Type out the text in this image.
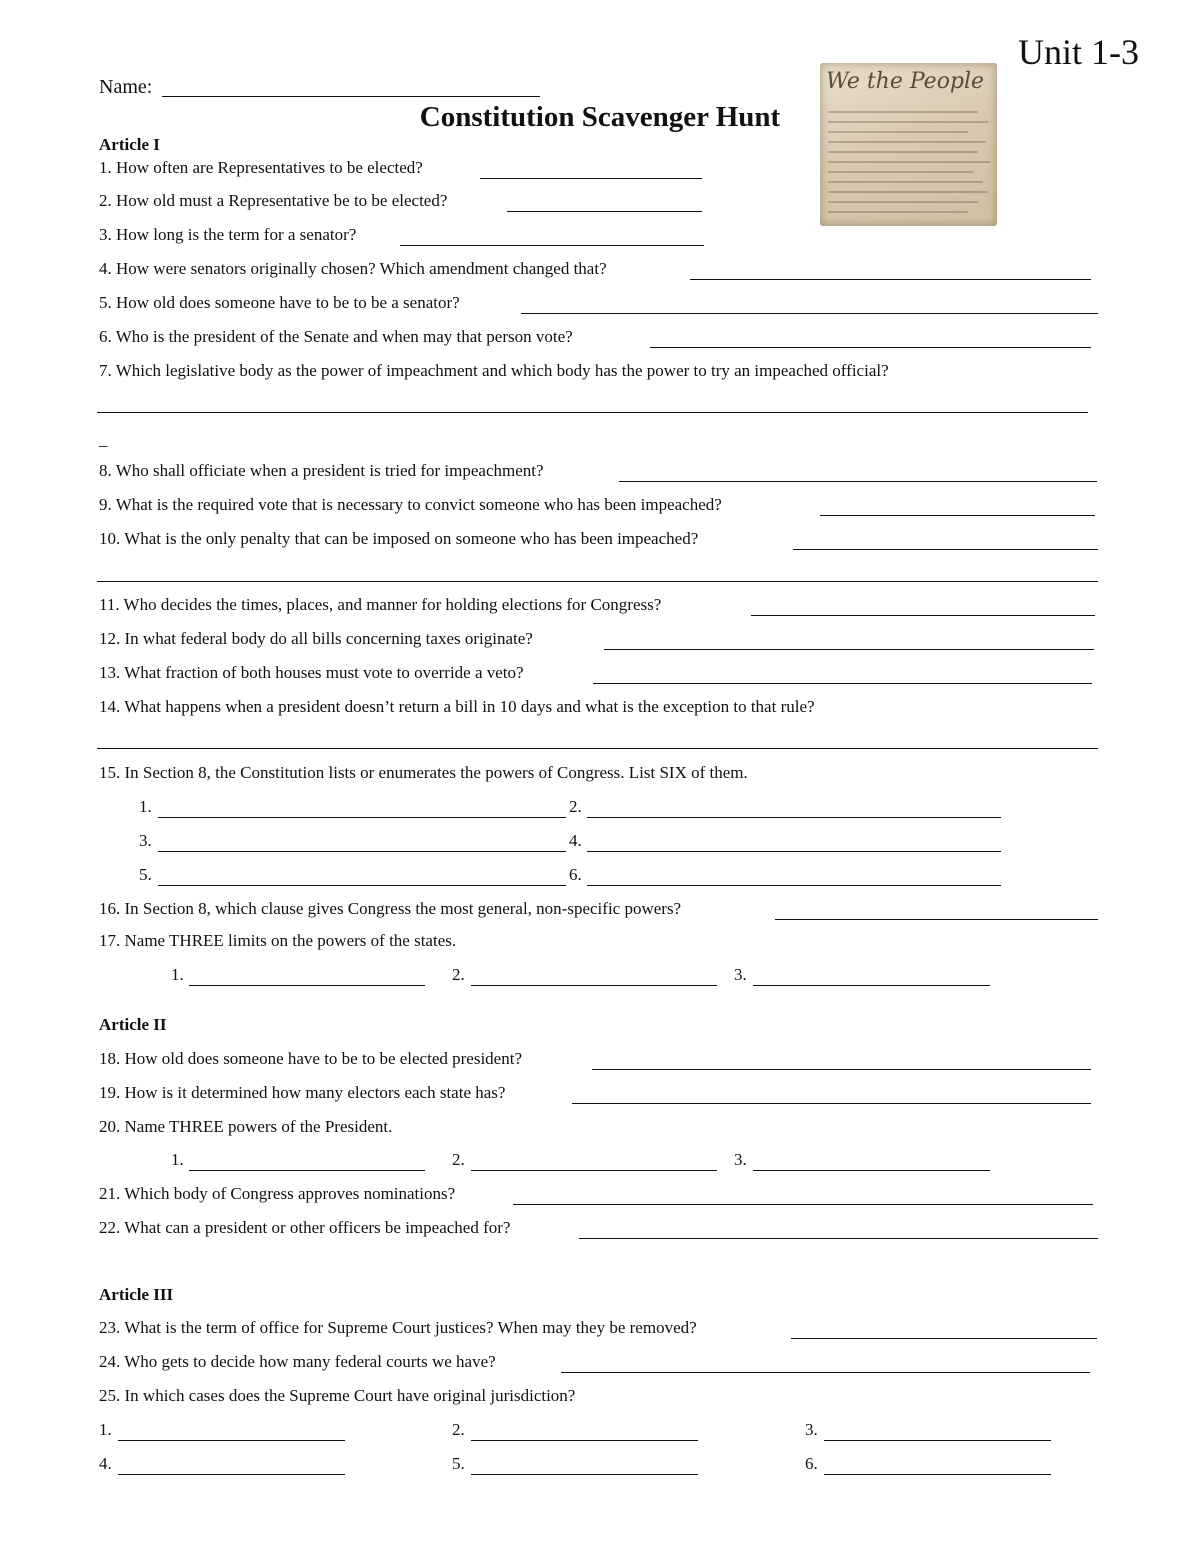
Unit 1-3
Name:
Constitution Scavenger Hunt
We the People
Article I
1. How often are Representatives to be elected?
2. How old must a Representative be to be elected?
3. How long is the term for a senator?
4. How were senators originally chosen? Which amendment changed that?
5. How old does someone have to be to be a senator?
6. Who is the president of the Senate and when may that person vote?
7. Which legislative body as the power of impeachment and which body has the power to try an impeached official?
_
8. Who shall officiate when a president is tried for impeachment?
9. What is the required vote that is necessary to convict someone who has been impeached?
10. What is the only penalty that can be imposed on someone who has been impeached?
11. Who decides the times, places, and manner for holding elections for Congress?
12. In what federal body do all bills concerning taxes originate?
13. What fraction of both houses must vote to override a veto?
14. What happens when a president doesn’t return a bill in 10 days and what is the exception to that rule?
15. In Section 8, the Constitution lists or enumerates the powers of Congress. List SIX of them.
1.	2.
3.	4.
5.	6.
16. In Section 8, which clause gives Congress the most general, non-specific powers?
17. Name THREE limits on the powers of the states.
1.	2.	3.
Article II
18. How old does someone have to be to be elected president?
19. How is it determined how many electors each state has?
20. Name THREE powers of the President.
1.	2.	3.
21. Which body of Congress approves nominations?
22. What can a president or other officers be impeached for?
Article III
23. What is the term of office for Supreme Court justices? When may they be removed?
24. Who gets to decide how many federal courts we have?
25. In which cases does the Supreme Court have original jurisdiction?
1.	2.	3.
4.	5.	6.
